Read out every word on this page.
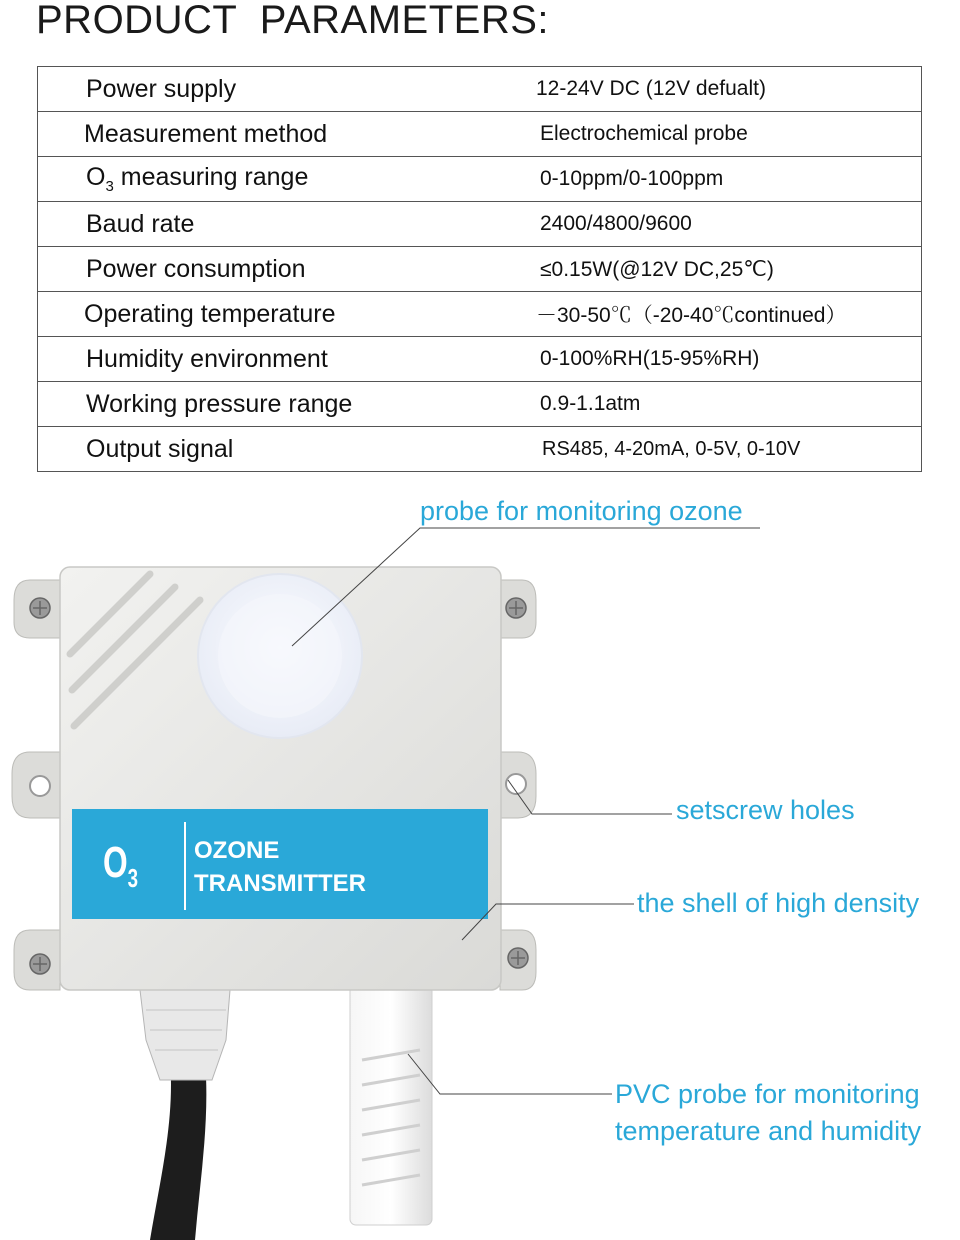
PRODUCT  PARAMETERS:
Power supply	12-24V DC (12V defualt)
Measurement method	Electrochemical probe
$O_3$ measuring range	0-10ppm/0-100ppm
Baud rate	2400/4800/9600
Power consumption	≤0.15W(@12V DC,25℃)
Operating temperature	－30-50℃（-20-40℃continued）
Humidity environment	0-100%RH(15-95%RH)
Working pressure range	0.9-1.1atm
Output signal	RS485, 4-20mA, 0-5V, 0-10V
$O_3$
OZONE
TRANSMITTER
probe for monitoring ozone
setscrew holes
the shell of high density
PVC probe for monitoring
temperature and humidity
